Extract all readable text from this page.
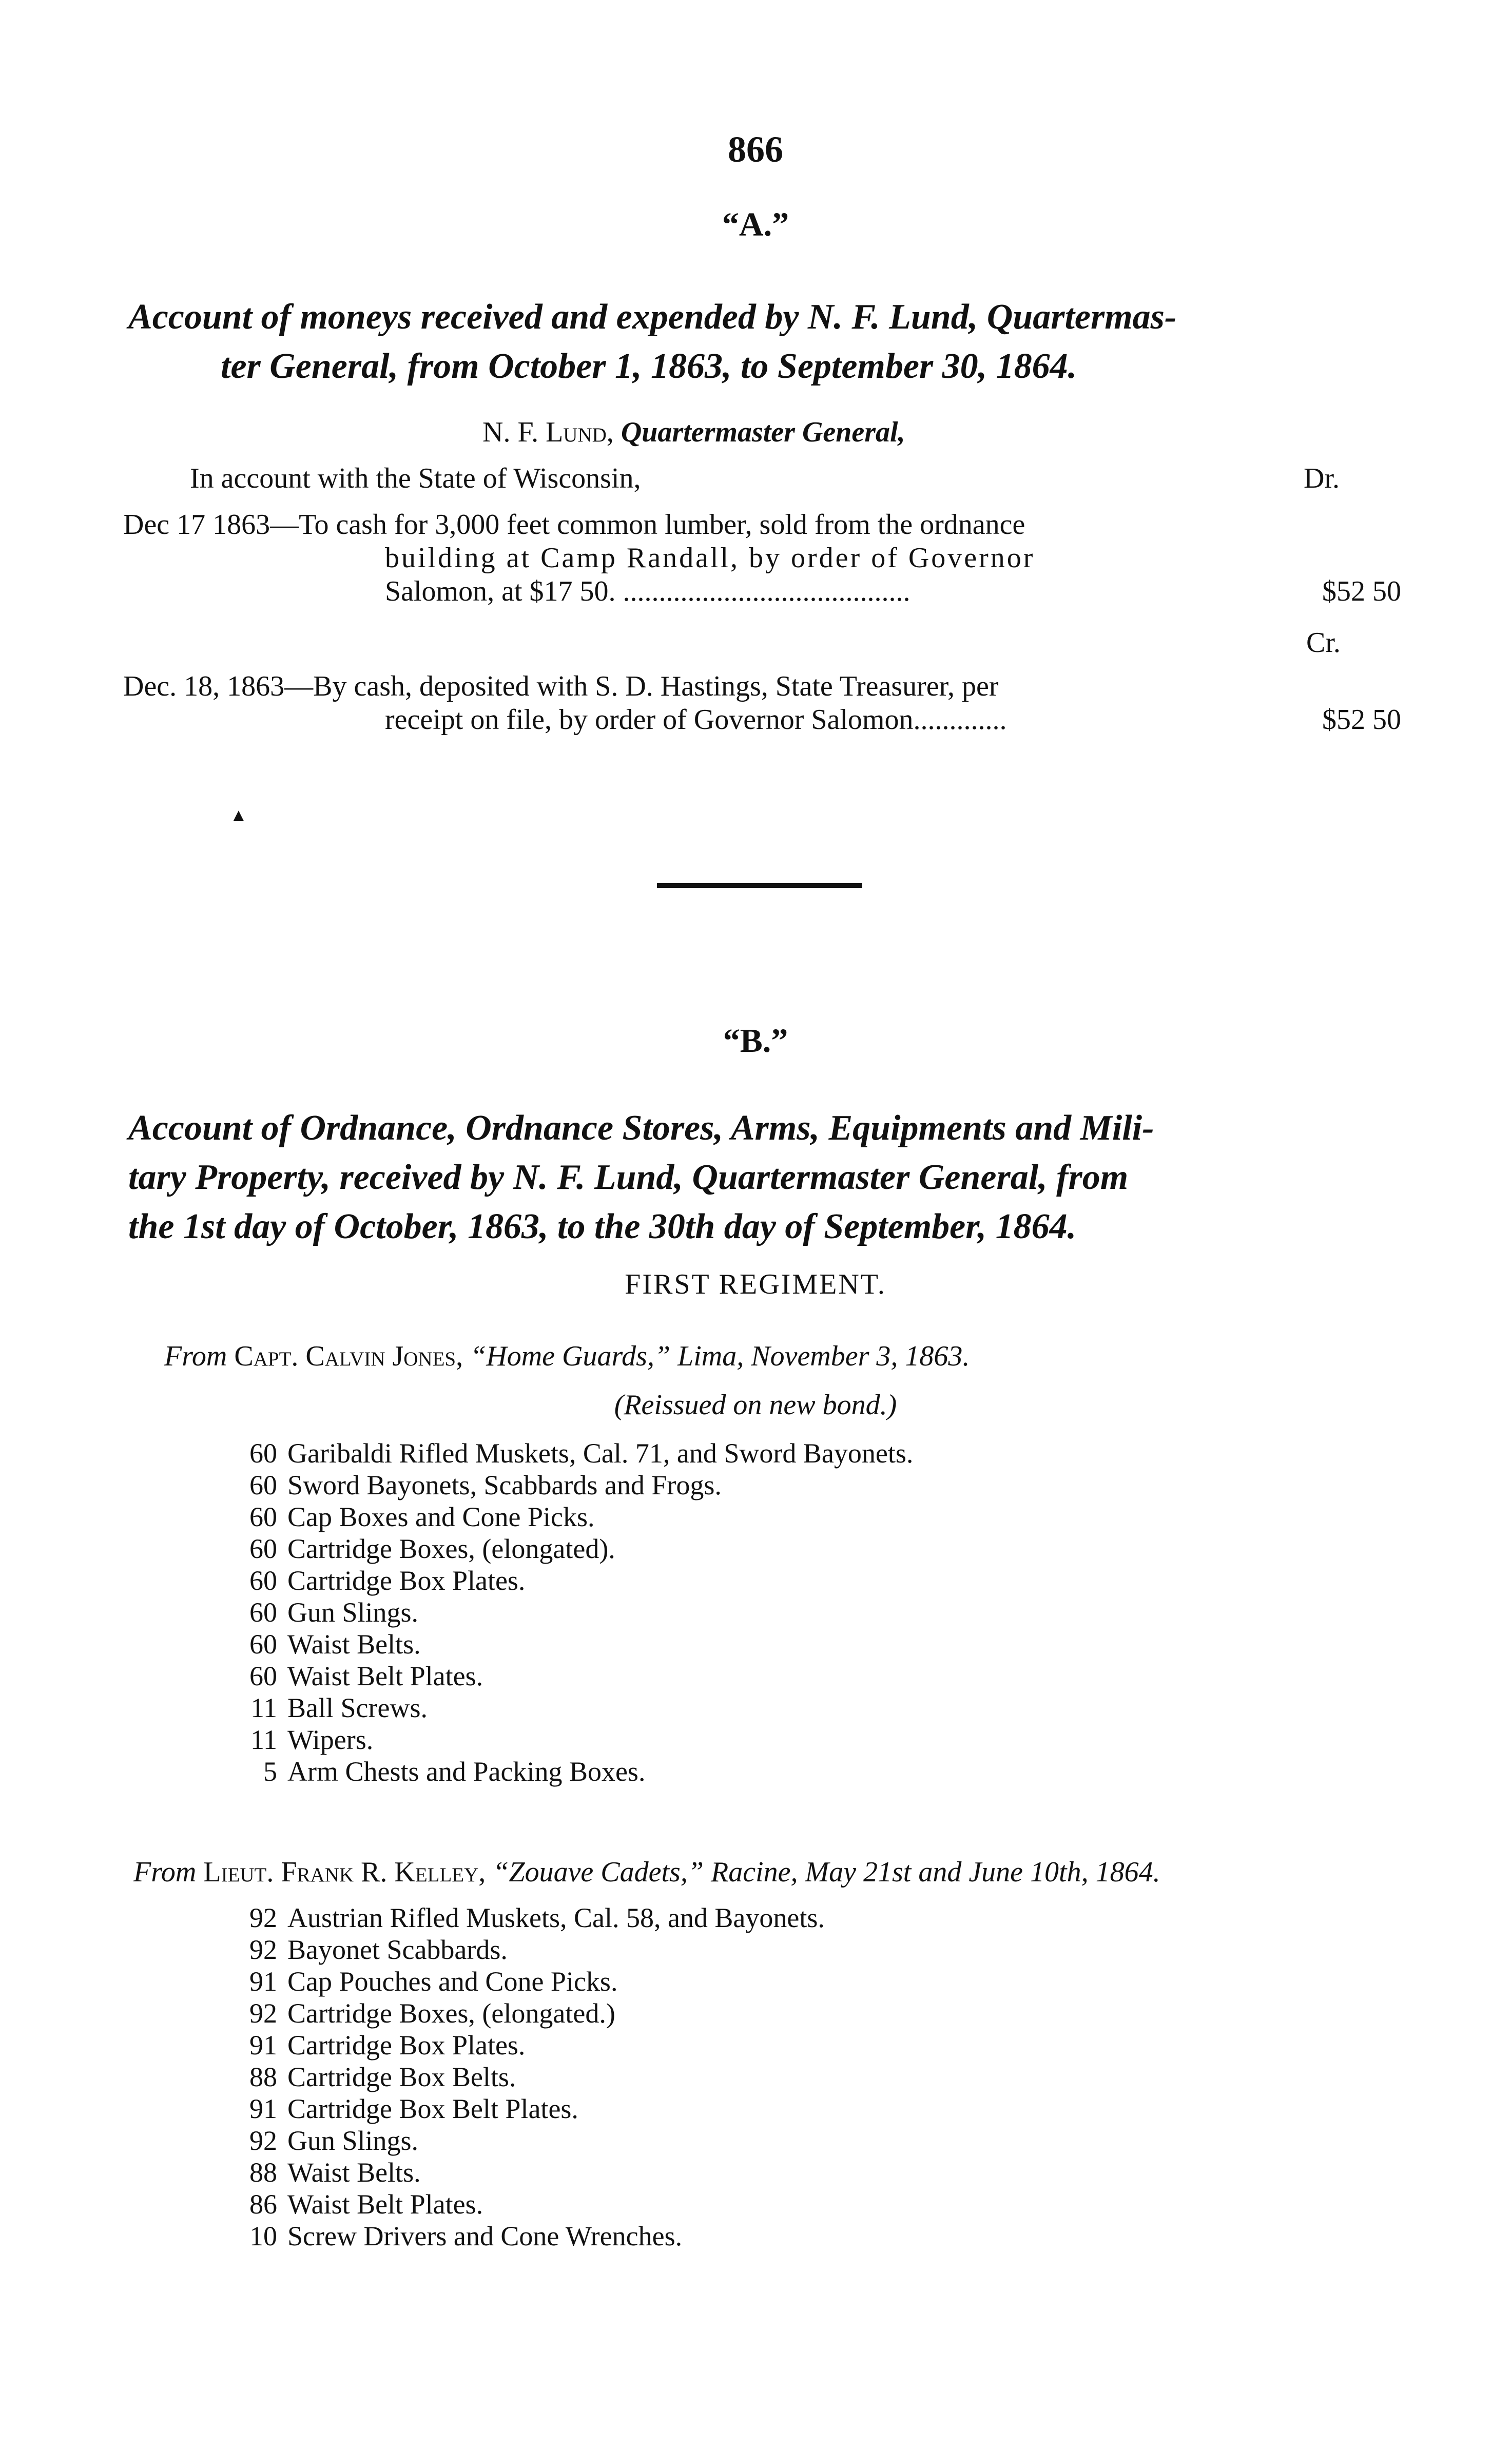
866
“A.”
Account of moneys received and expended by N. F. Lund, Quartermas-
ter General, from October 1, 1863, to September 30, 1864.
N. F. Lund, Quartermaster General,
In account with the State of Wisconsin,	Dr.
Dec 17 1863—To cash for 3,000 feet common lumber, sold from the ordnance
building at Camp Randall, by order of Governor
Salomon, at $17 50. ........................................	$52 50
Cr.
Dec. 18, 1863—By cash, deposited with S. D. Hastings, State Treasurer, per
receipt on file, by order of Governor Salomon.............	$52 50
▲
“B.”
Account of Ordnance, Ordnance Stores, Arms, Equipments and Mili-
tary Property, received by N. F. Lund, Quartermaster General, from
the 1st day of October, 1863, to the 30th day of September, 1864.
FIRST REGIMENT.
From Capt. Calvin Jones, “Home Guards,” Lima, November 3, 1863.
(Reissued on new bond.)
60 Garibaldi Rifled Muskets, Cal. 71, and Sword Bayonets.
60 Sword Bayonets, Scabbards and Frogs.
60 Cap Boxes and Cone Picks.
60 Cartridge Boxes, (elongated).
60 Cartridge Box Plates.
60 Gun Slings.
60 Waist Belts.
60 Waist Belt Plates.
11 Ball Screws.
11 Wipers.
5 Arm Chests and Packing Boxes.
From Lieut. Frank R. Kelley, “Zouave Cadets,” Racine, May 21st and June 10th, 1864.
92 Austrian Rifled Muskets, Cal. 58, and Bayonets.
92 Bayonet Scabbards.
91 Cap Pouches and Cone Picks.
92 Cartridge Boxes, (elongated.)
91 Cartridge Box Plates.
88 Cartridge Box Belts.
91 Cartridge Box Belt Plates.
92 Gun Slings.
88 Waist Belts.
86 Waist Belt Plates.
10 Screw Drivers and Cone Wrenches.
